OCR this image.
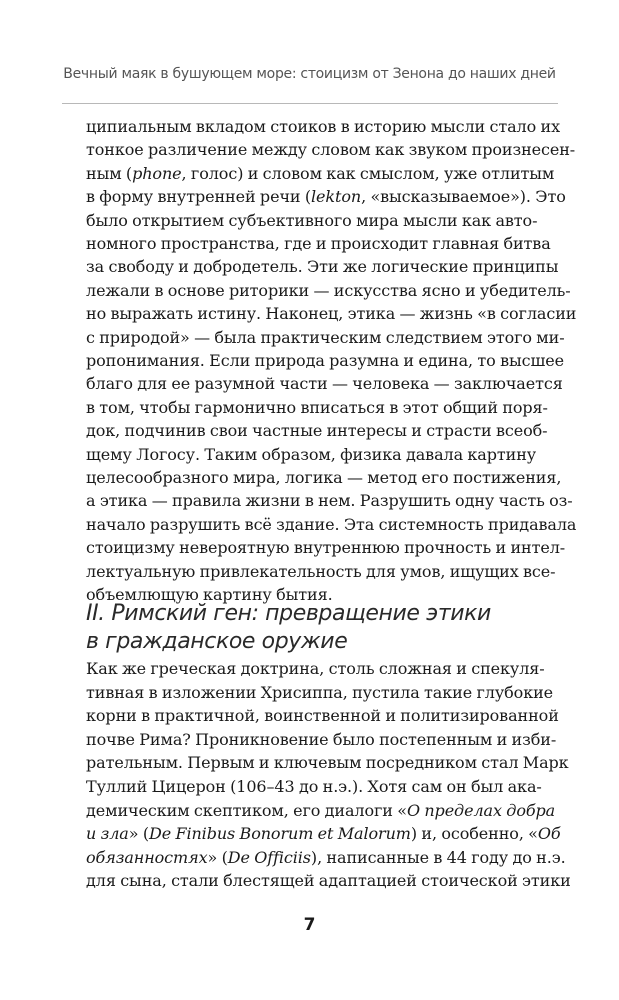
Вечный маяк в бушующем море: стоицизм от Зенона до наших дней
ципиальным вкладом стоиков в историю мысли стало их
тонкое различение между словом как звуком произнесен-
ным (phone, голос) и словом как смыслом, уже отлитым
в форму внутренней речи (lekton, «высказываемое»). Это
было открытием субъективного мира мысли как авто-
номного пространства, где и происходит главная битва
за свободу и добродетель. Эти же логические принципы
лежали в основе риторики — искусства ясно и убедитель-
но выражать истину. Наконец, этика — жизнь «в согласии
с природой» — была практическим следствием этого ми-
ропонимания. Если природа разумна и едина, то высшее
благо для ее разумной части — человека — заключается
в том, чтобы гармонично вписаться в этот общий поря-
док, подчинив свои частные интересы и страсти всеоб-
щему Логосу. Таким образом, физика давала картину
целесообразного мира, логика — метод его постижения,
а этика — правила жизни в нем. Разрушить одну часть оз-
начало разрушить всё здание. Эта системность придавала
стоицизму невероятную внутреннюю прочность и интел-
лектуальную привлекательность для умов, ищущих все-
объемлющую картину бытия.
II. Римский ген: превращение этики
в гражданское оружие
Как же греческая доктрина, столь сложная и спекуля-
тивная в изложении Хрисиппа, пустила такие глубокие
корни в практичной, воинственной и политизированной
почве Рима? Проникновение было постепенным и изби-
рательным. Первым и ключевым посредником стал Марк
Туллий Цицерон (106–43 до н.э.). Хотя сам он был ака-
демическим скептиком, его диалоги «О пределах добра
и зла» (De Finibus Bonorum et Malorum) и, особенно, «Об
обязанностях» (De Officiis), написанные в 44 году до н.э.
для сына, стали блестящей адаптацией стоической этики
7
